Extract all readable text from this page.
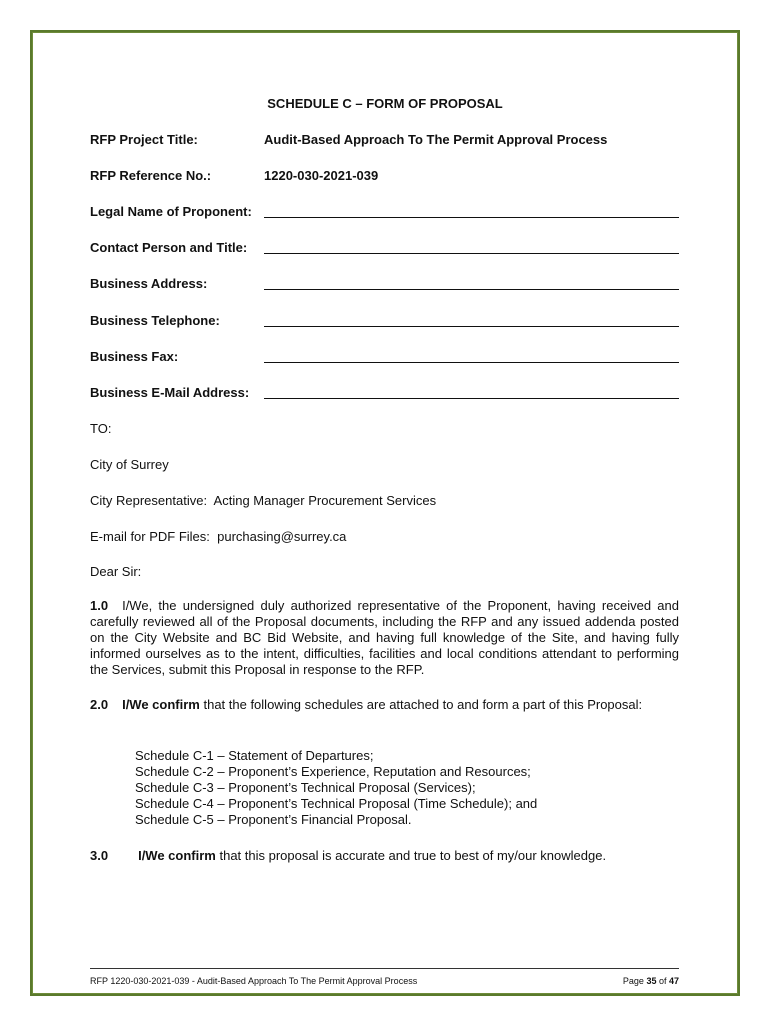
SCHEDULE C – FORM OF PROPOSAL
RFP Project Title:	Audit-Based Approach To The Permit Approval Process
RFP Reference No.:	1220-030-2021-039
Legal Name of Proponent:
Contact Person and Title:
Business Address:
Business Telephone:
Business Fax:
Business E-Mail Address:
TO:
City of Surrey
City Representative:  Acting Manager Procurement Services
E-mail for PDF Files:  purchasing@surrey.ca
Dear Sir:
1.0 I/We, the undersigned duly authorized representative of the Proponent, having received and carefully reviewed all of the Proposal documents, including the RFP and any issued addenda posted on the City Website and BC Bid Website, and having full knowledge of the Site, and having fully informed ourselves as to the intent, difficulties, facilities and local conditions attendant to performing the Services, submit this Proposal in response to the RFP.
2.0 I/We confirm that the following schedules are attached to and form a part of this Proposal:
Schedule C-1 – Statement of Departures;
Schedule C-2 – Proponent’s Experience, Reputation and Resources;
Schedule C-3 – Proponent’s Technical Proposal (Services);
Schedule C-4 – Proponent’s Technical Proposal (Time Schedule); and
Schedule C-5 – Proponent’s Financial Proposal.
3.0 I/We confirm that this proposal is accurate and true to best of my/our knowledge.
RFP 1220-030-2021-039 - Audit-Based Approach To The Permit Approval Process	Page 35 of 47
